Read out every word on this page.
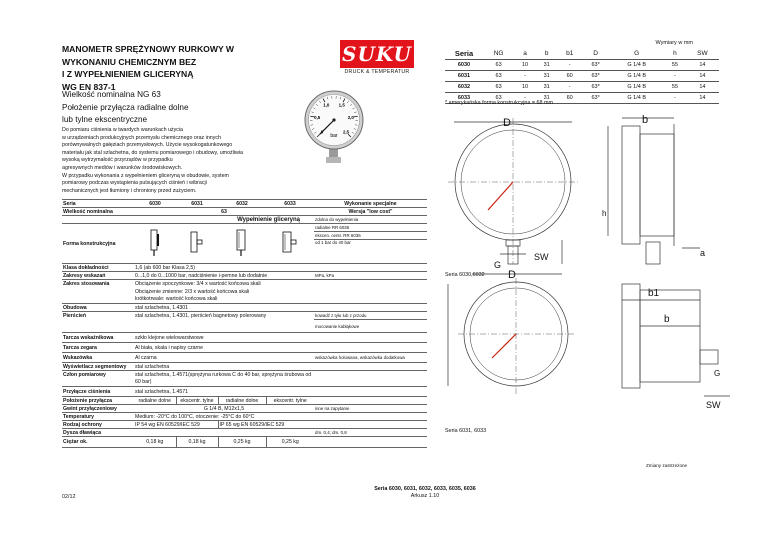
MANOMETR SPRĘŻYNOWY RURKOWY W
WYKONANIU CHEMICZNYM BEZ
I Z WYPEŁNIENIEM GLICERYNĄ
WG EN 837-1
SUKU
DRUCK & TEMPERATUR
Wielkość nominalna NG 63
Położenie przyłącza radialne dolne
lub tylne ekscentryczne	0,5
1,0 1,5
2,0
2,5
bar
Do pomiaru ciśnienia w twardych warunkach użycia
w urządzeniach produkcyjnych przemysłu chemicznego oraz innych
porównywalnych gałęziach przemysłowych. Użycie wysokogatunkowego
materiału jak stal szlachetna, do systemu pomiarowego i obudowy, umożliwia
wysoką wytrzymałość przyrządów w przypadku
agresywnych mediów i warunków środowiskowych.
W przypadku wykonania z wypełnieniem gliceryną w obudowie, system
pomiarowy podczas wystąpienia pulsujących ciśnień i wibracji
mechanicznych jest tłumiony i chroniony przed zużyciem.
Wymiary w mm
Seria	NG	a	b	b1	D	G	h	SW
6030	63	10	31	-	63*	G 1/4 B	55	14
6031	63	-	31	60	63*	G 1/4 B	-	14
6032	63	10	31	-	63*	G 1/4 B	55	14
6033	63	-	31	60	63*	G 1/4 B	-	14
* amerykańska forma konstrukcyjna = 68 mm
Seria	6030	6031	6032	6033	Wykonanie specjalne
Wielkość nominalna	63				Wersja "low cost"
	Wypełnienie gliceryną				zdolna do wypełnienia
Forma konstrukcyjna					radialne RR 6035
					ekscen. centr. RR 6036
					od 1 bar do 40 bar
Klasa dokładności	1,6 (ab 600 bar Klasa 2,5)				
Zakresy wskazań	0...1,0 do 0...1000 bar, nadciśnienie i-pemne lub dodatnie				MPa, kPa
Zakres stosowania	Obciążenie spoczynkowe: 3/4 x wartość końcowa skali				
	Obciążenie zmienne: 2/3 x wartość końcowa skali				
	krótkotrwale: wartość końcowa skali				
Obudowa	stal szlachetna, 1.4301				
Pierścień	stal szlachetna, 1.4301, pierścień bagnetowy polerowany				kowadź z tyłu lub z przodu
					mocowanie kabłąkowe
Tarcza wskaźnikowa	szkło klejone wielowarstwowe				
Tarcza zegara	Al biała, skala i napisy czarne				
Wskazówka	Al czarna				wskazówka holowana, wskazówka dodatkowa
Wyświetlacz segmentowy	stal szlachetna				
Człon pomiarowy	stal szlachetna, 1.4571(sprężyna rurkowa C do 40 bar, sprężyna śrubowa od				
	60 bar)				
Przyłącze ciśnienia	stal szlachetna, 1.4571				
Położenie przyłącza	radialne dolne	ekscentr. tylne	radialne dolne	ekscentr. tylne	
Gwint przyłączeniowy	G 1/4 B, M12x1,5				inne na zapytanie
Temperatury	Medium: -20°C do 100°C, otoczenie: -25°C do 60°C				
Rodzaj ochrony	IP 54 wg EN 60529/IEC 529		IP 65 wg EN 60529/IEC 529		
Dysza dławiąca					dm. 0,4; dm. 0,8
Ciężar ok.	0,18 kg	0,18 kg	0,25 kg	0,25 kg	
D	b
h
SW
G
a
D
b1
b
SW
G
Seria 6030,6032
Seria 6031, 6033
Zmiany zastrzeżone
Seria 6030, 6031, 6032, 6033, 6035, 6036
Arkusz 1.10
02/12
